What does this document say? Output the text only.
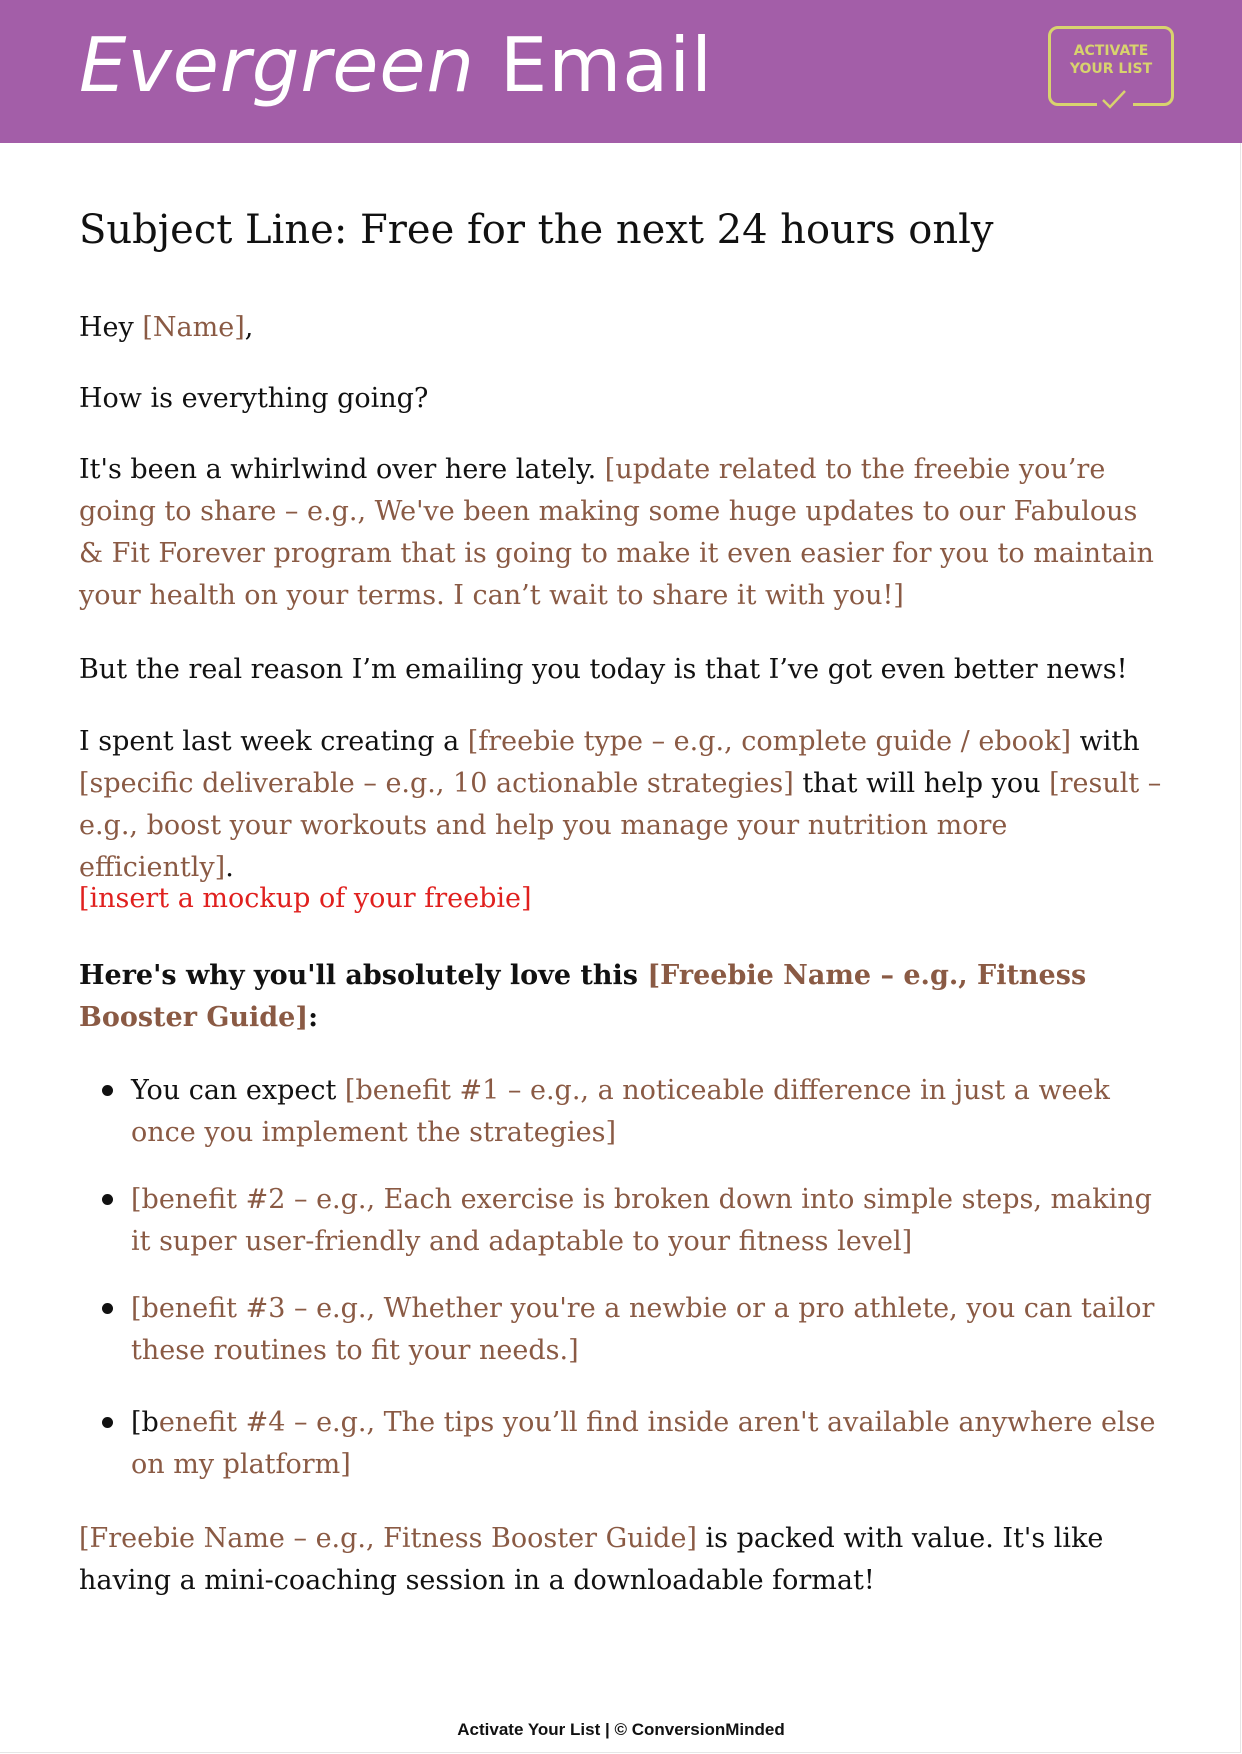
Evergreen Email	ACTIVATE
YOUR LIST
Subject Line: Free for the next 24 hours only

Hey [Name],

How is everything going?

It's been a whirlwind over here lately. [update related to the freebie you’re going to share – e.g., We've been making some huge updates to our Fabulous & Fit Forever program that is going to make it even easier for you to maintain your health on your terms. I can’t wait to share it with you!]

But the real reason I’m emailing you today is that I’ve got even better news!

I spent last week creating a [freebie type – e.g., complete guide / ebook] with [specific deliverable – e.g., 10 actionable strategies] that will help you [result – e.g., boost your workouts and help you manage your nutrition more efficiently].

[insert a mockup of your freebie]

Here's why you'll absolutely love this [Freebie Name – e.g., Fitness Booster Guide]:

You can expect [benefit #1 – e.g., a noticeable difference in just a week once you implement the strategies]
[benefit #2 – e.g., Each exercise is broken down into simple steps, making it super user-friendly and adaptable to your fitness level]
[benefit #3 – e.g., Whether you're a newbie or a pro athlete, you can tailor these routines to fit your needs.]
[benefit #4 – e.g., The tips you’ll find inside aren't available anywhere else on my platform]

[Freebie Name – e.g., Fitness Booster Guide] is packed with value. It's like having a mini-coaching session in a downloadable format!

Activate Your List | © ConversionMinded
